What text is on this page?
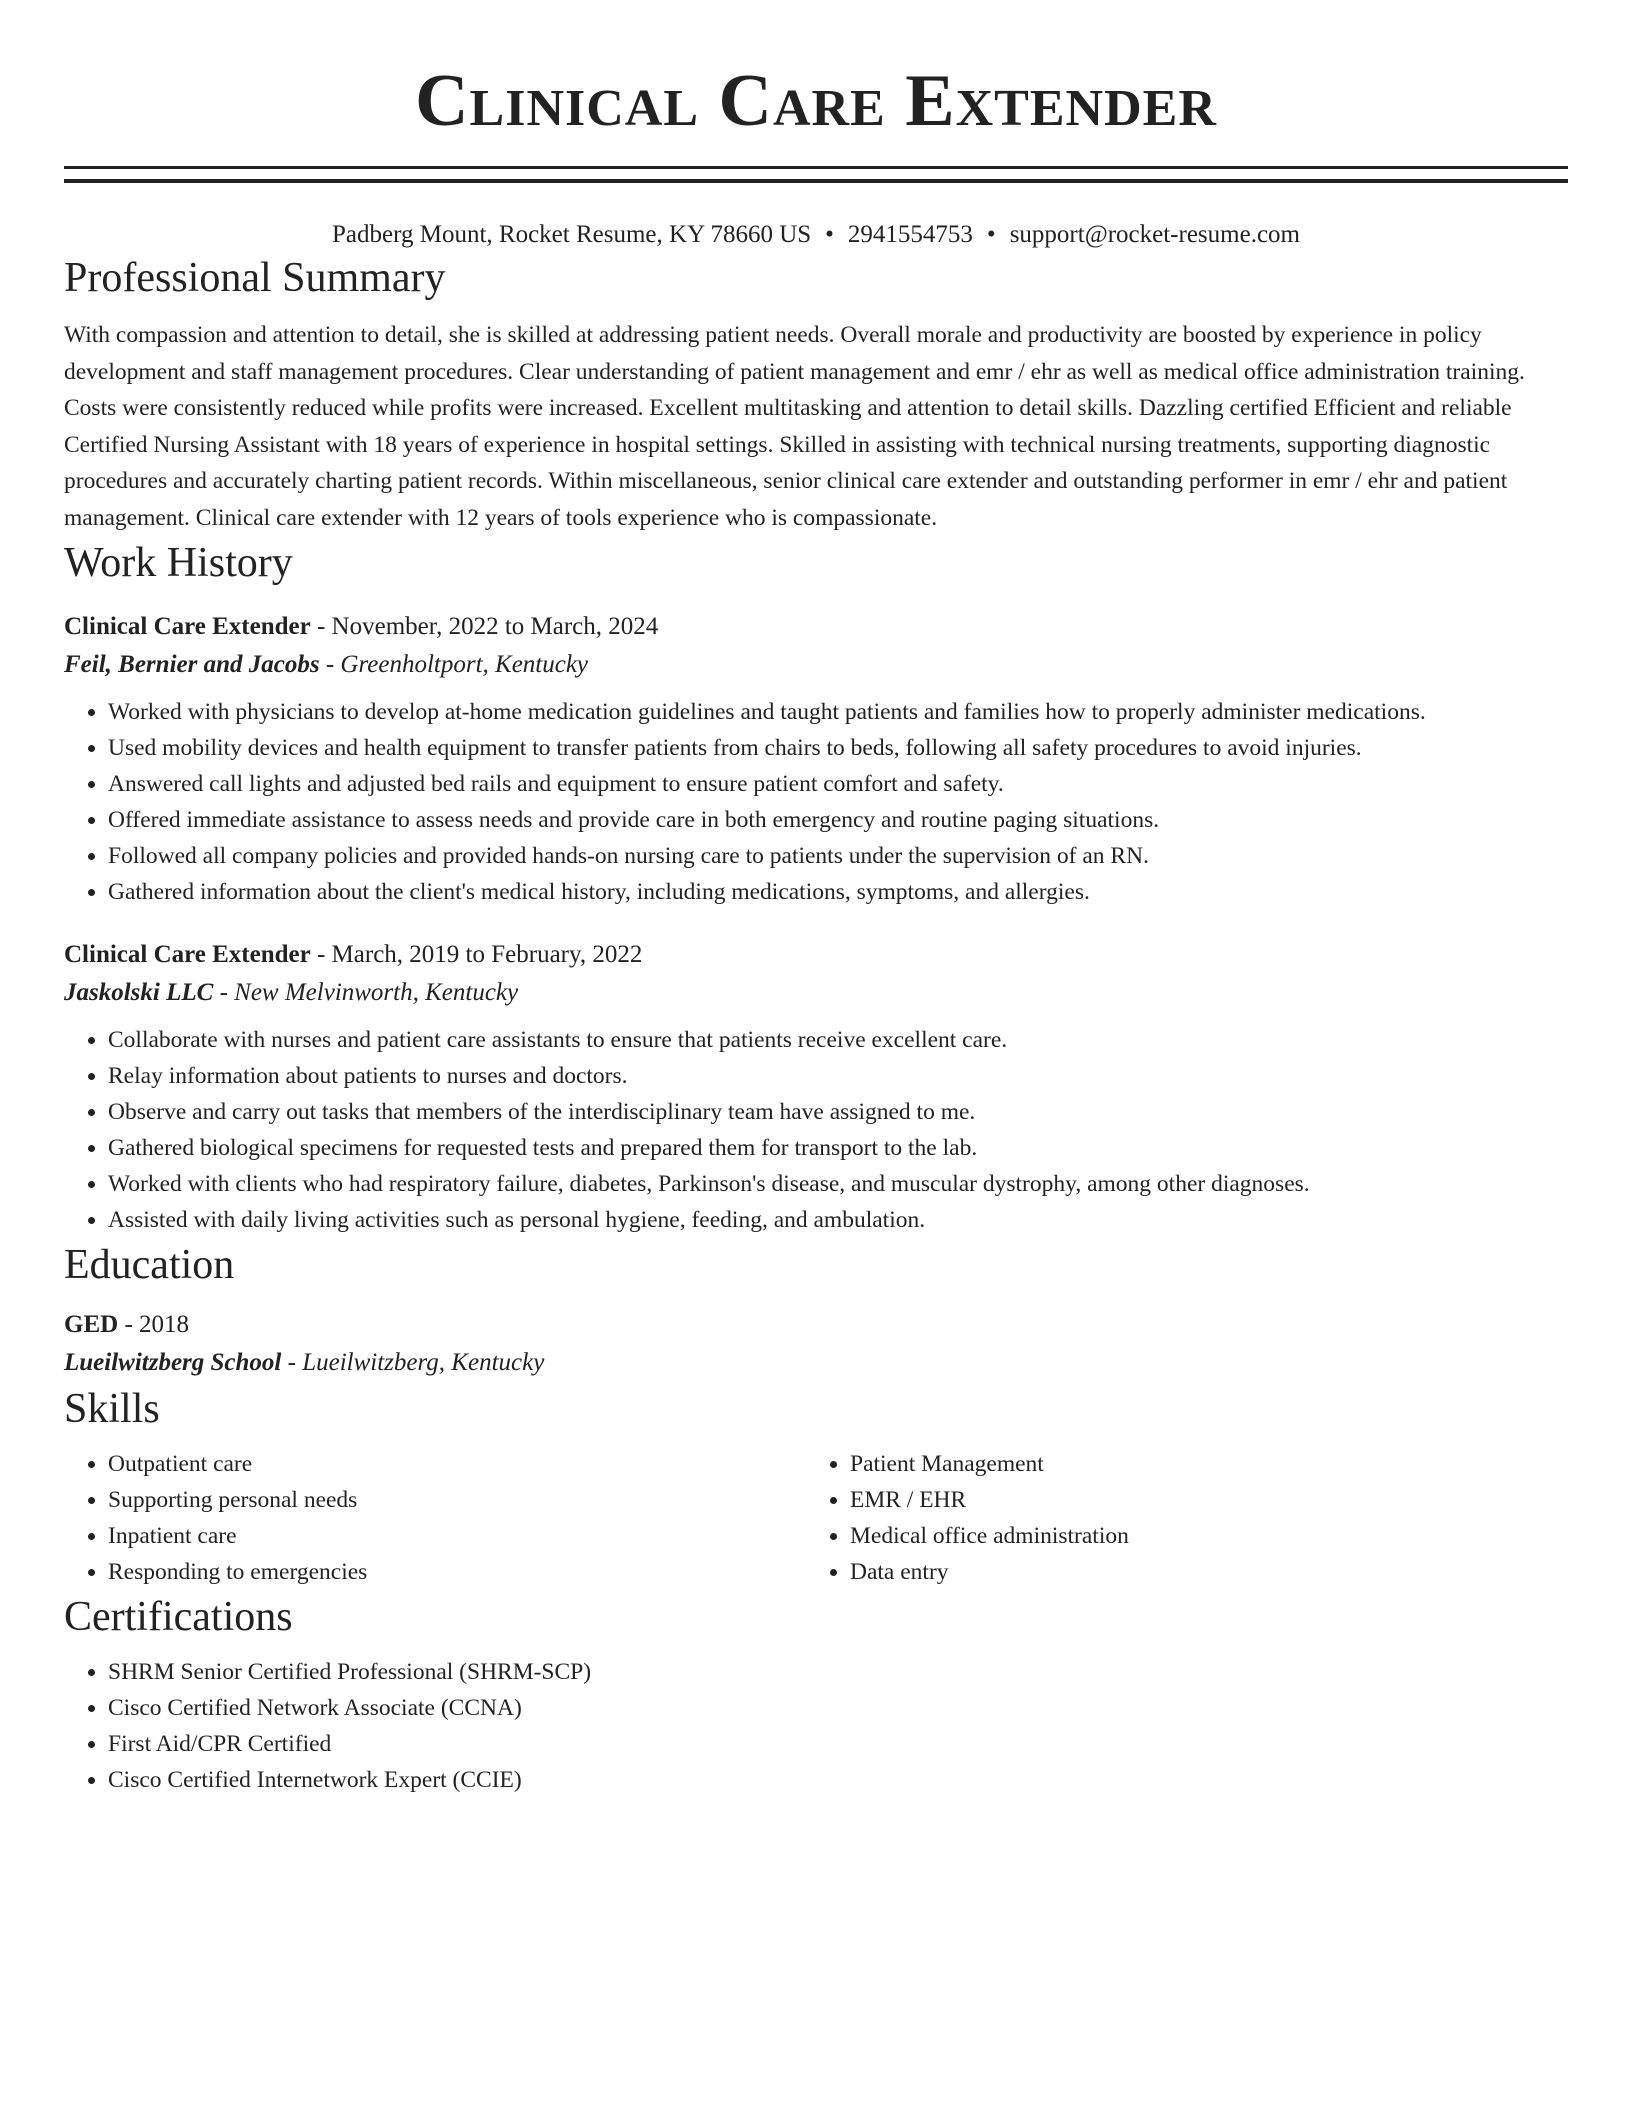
Clinical Care Extender
Padberg Mount, Rocket Resume, KY 78660 US • 2941554753 • support@rocket-resume.com
Professional Summary
With compassion and attention to detail, she is skilled at addressing patient needs. Overall morale and productivity are boosted by experience in policy development and staff management procedures. Clear understanding of patient management and emr / ehr as well as medical office administration training. Costs were consistently reduced while profits were increased. Excellent multitasking and attention to detail skills. Dazzling certified Efficient and reliable Certified Nursing Assistant with 18 years of experience in hospital settings. Skilled in assisting with technical nursing treatments, supporting diagnostic procedures and accurately charting patient records. Within miscellaneous, senior clinical care extender and outstanding performer in emr / ehr and patient management. Clinical care extender with 12 years of tools experience who is compassionate.
Work History
Clinical Care Extender - November, 2022 to March, 2024
Feil, Bernier and Jacobs - Greenholtport, Kentucky
• Worked with physicians to develop at-home medication guidelines and taught patients and families how to properly administer medications.
• Used mobility devices and health equipment to transfer patients from chairs to beds, following all safety procedures to avoid injuries.
• Answered call lights and adjusted bed rails and equipment to ensure patient comfort and safety.
• Offered immediate assistance to assess needs and provide care in both emergency and routine paging situations.
• Followed all company policies and provided hands-on nursing care to patients under the supervision of an RN.
• Gathered information about the client's medical history, including medications, symptoms, and allergies.
Clinical Care Extender - March, 2019 to February, 2022
Jaskolski LLC - New Melvinworth, Kentucky
• Collaborate with nurses and patient care assistants to ensure that patients receive excellent care.
• Relay information about patients to nurses and doctors.
• Observe and carry out tasks that members of the interdisciplinary team have assigned to me.
• Gathered biological specimens for requested tests and prepared them for transport to the lab.
• Worked with clients who had respiratory failure, diabetes, Parkinson's disease, and muscular dystrophy, among other diagnoses.
• Assisted with daily living activities such as personal hygiene, feeding, and ambulation.
Education
GED - 2018
Lueilwitzberg School - Lueilwitzberg, Kentucky
Skills
• Outpatient care
• Supporting personal needs
• Inpatient care
• Responding to emergencies
• Patient Management
• EMR / EHR
• Medical office administration
• Data entry
Certifications
• SHRM Senior Certified Professional (SHRM-SCP)
• Cisco Certified Network Associate (CCNA)
• First Aid/CPR Certified
• Cisco Certified Internetwork Expert (CCIE)
